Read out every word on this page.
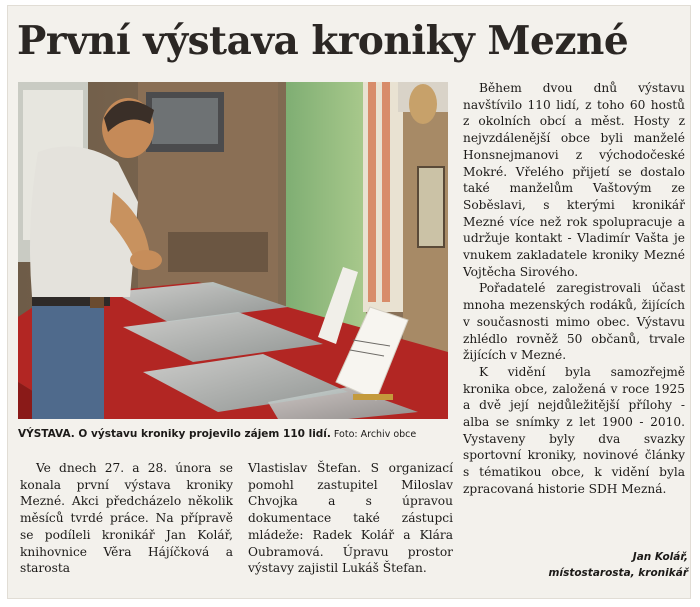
První výstava kroniky Mezné
VÝSTAVA. O výstavu kroniky projevilo zájem 110 lidí. Foto: Archiv obce

Ve dnech 27. a 28. února se konala první výstava kroniky Mezné. Akci předcházelo několik měsíců tvrdé práce. Na přípravě se podíleli kronikář Jan Kolář, knihovnice Věra Hájíčková a starosta

Vlastislav Štefan. S organizací pomohl zastupitel Miloslav Chvojka a s úpravou dokumentace také zástupci mládeže: Radek Kolář a Klára Oubramová. Úpravu prostor výstavy zajistil Lukáš Štefan.

Během dvou dnů výstavu navštívilo 110 lidí, z toho 60 hostů z okolních obcí a měst. Hosty z nejvzdálenější obce byli manželé Honsnejmanovi z východočeské Mokré. Vřelého přijetí se dostalo také manželům Vaštovým ze Soběslavi, s kterými kronikář Mezné více než rok spolupracuje a udržuje kontakt - Vladimír Vašta je vnukem zakladatele kroniky Mezné Vojtěcha Sirového.

Pořadatelé zaregistrovali účast mnoha mezenských rodáků, žijících v současnosti mimo obec. Výstavu zhlédlo rovněž 50 občanů, trvale žijících v Mezné.

K vidění byla samozřejmě kronika obce, založená v roce 1925 a dvě její nejdůležitější přílohy - alba se snímky z let 1900 - 2010. Vystaveny byly dva svazky sportovní kroniky, novinové články s tématikou obce, k vidění byla zpracovaná historie SDH Mezná.

Jan Kolář,
místostarosta, kronikář
